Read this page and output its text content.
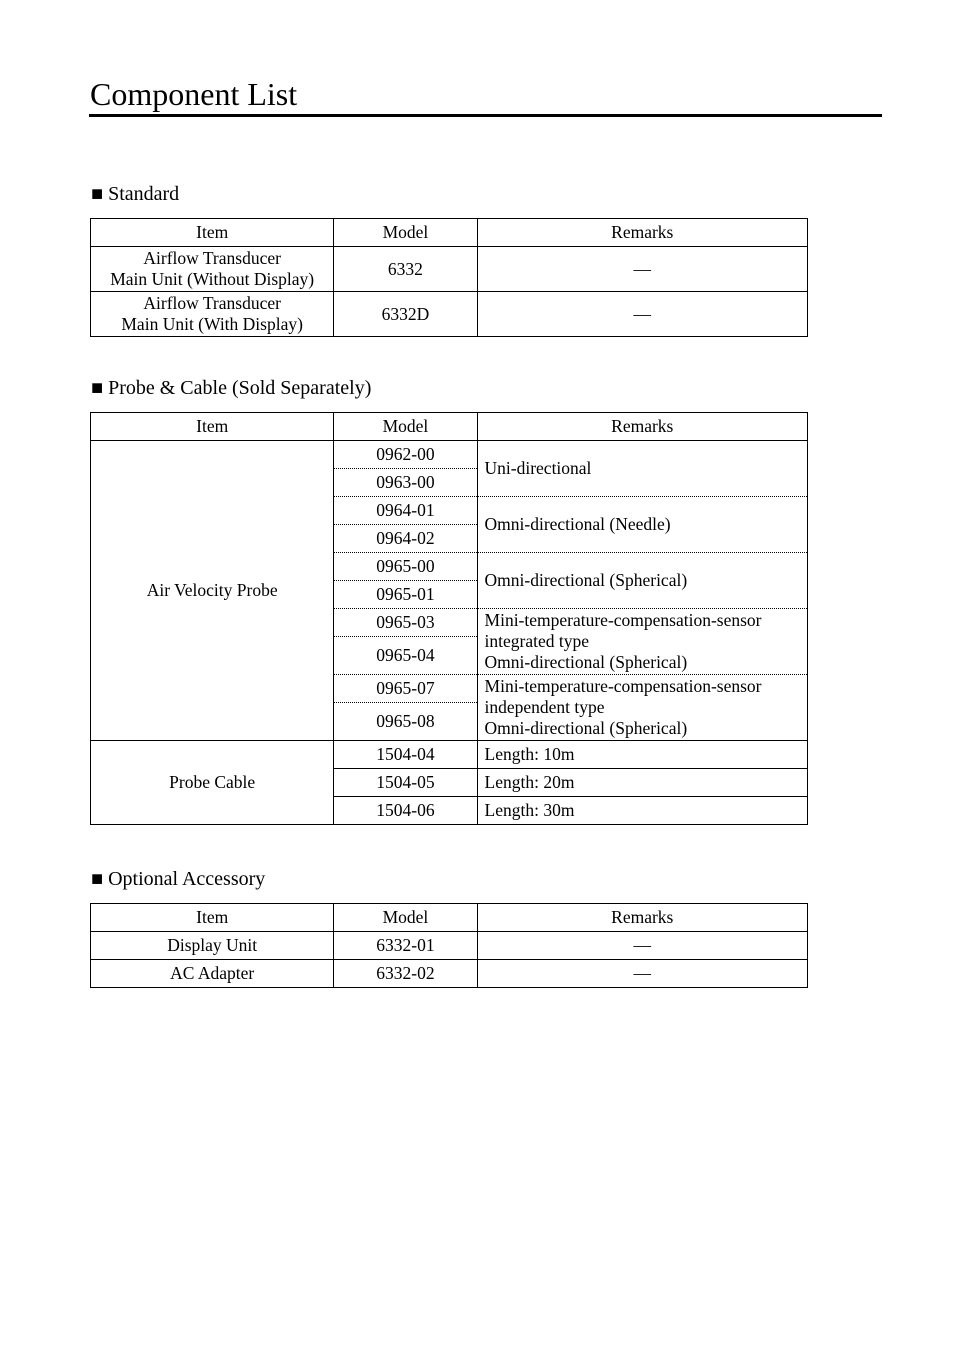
Component List
■ Standard
Item	Model	Remarks

Airflow Transducer
Main Unit (Without Display)	6332	—

Airflow Transducer
Main Unit (With Display)	6332D	—
■ Probe & Cable (Sold Separately)
Item	Model	Remarks
Air Velocity Probe	0962-00	Uni-directional
	0963-00	
	0964-01	Omni-directional (Needle)
	0964-02	
	0965-00	Omni-directional (Spherical)
	0965-01	
	0965-03	Mini-temperature-compensation-sensor
integrated type
Omni-directional (Spherical)

	0965-04	
	0965-07	Mini-temperature-compensation-sensor
independent type
Omni-directional (Spherical)

	0965-08	
Probe Cable	1504-04	Length: 10m
	1504-05	Length: 20m
	1504-06	Length: 30m
■ Optional Accessory
Item	Model	Remarks
Display Unit	6332-01	—
AC Adapter	6332-02	—
